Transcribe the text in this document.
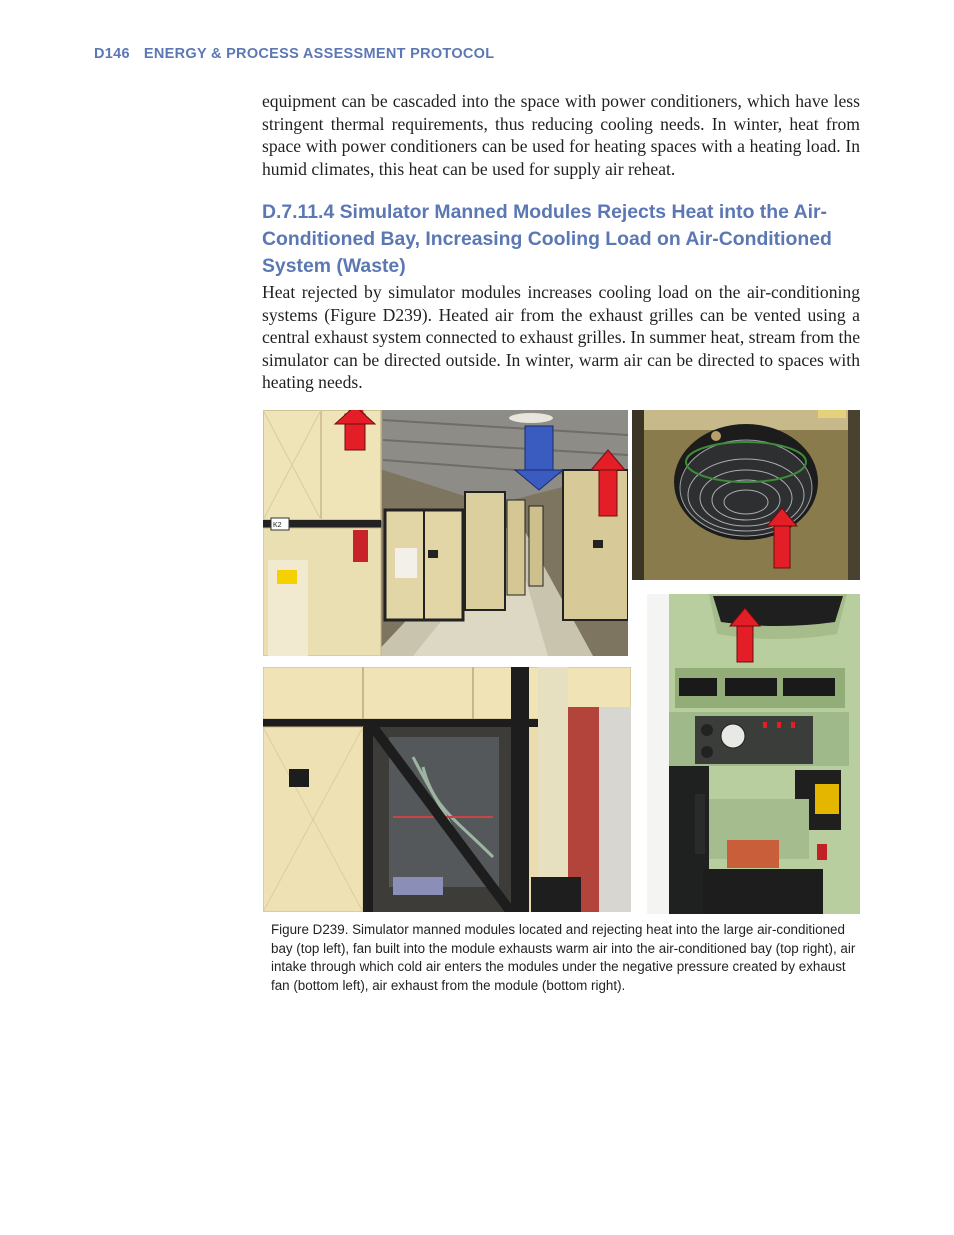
D146 ENERGY & PROCESS ASSESSMENT PROTOCOL

equipment can be cascaded into the space with power conditioners, which have less stringent thermal requirements, thus reducing cooling needs. In winter, heat from space with power conditioners can be used for heating spaces with a heating load. In humid climates, this heat can be used for supply air reheat.

D.7.11.4 Simulator Manned Modules Rejects Heat into the Air-Conditioned Bay, Increasing Cooling Load on Air-Conditioned System (Waste)

Heat rejected by simulator modules increases cooling load on the air-conditioning systems (Figure D239). Heated air from the exhaust grilles can be vented using a central exhaust system connected to exhaust grilles. In summer heat, stream from the simulator can be directed outside. In winter, warm air can be directed to spaces with heating needs.

K2

Figure D239. Simulator manned modules located and rejecting heat into the large air-conditioned bay (top left), fan built into the module exhausts warm air into the air-conditioned bay (top right), air intake through which cold air enters the modules under the negative pressure created by exhaust fan (bottom left), air exhaust from the module (bottom right).
